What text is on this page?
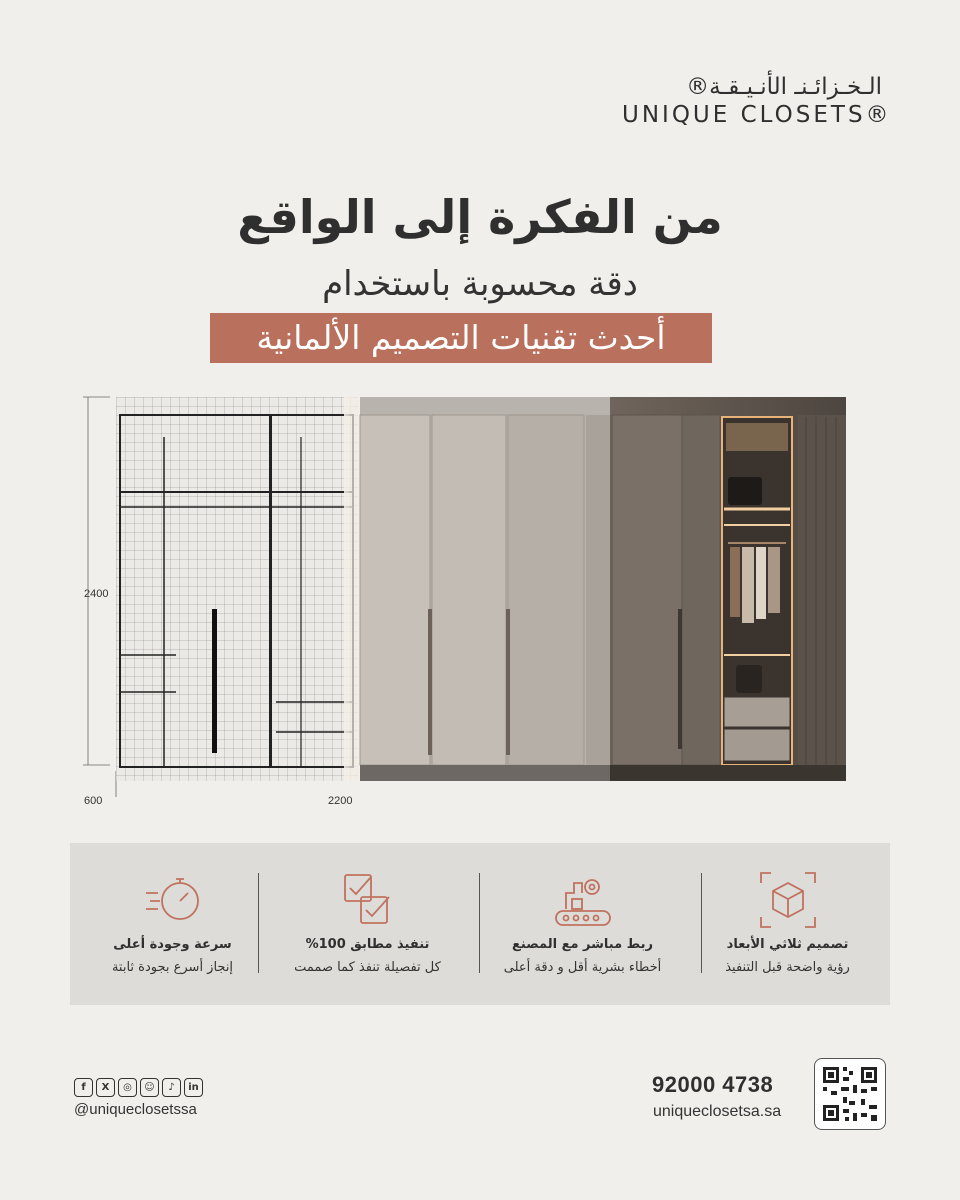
الـخـزائـنـ الأنـيـقـة®
UNIQUE CLOSETS®
من الفكرة إلى الواقع
دقة محسوبة باستخدام
أحدث تقنيات التصميم الألمانية
2400
600	2200
تصميم ثلاثي الأبعاد
رؤية واضحة قبل التنفيذ
ربط مباشر مع المصنع
أخطاء بشرية أقل و دقة أعلى
تنفيذ مطابق 100%
كل تفصيلة تنفذ كما صممت
سرعة وجودة أعلى
إنجاز أسرع بجودة ثابتة
f X ◎ ☺ ♪ in
@uniqueclosetssa
92000 4738
uniqueclosetsa.sa
